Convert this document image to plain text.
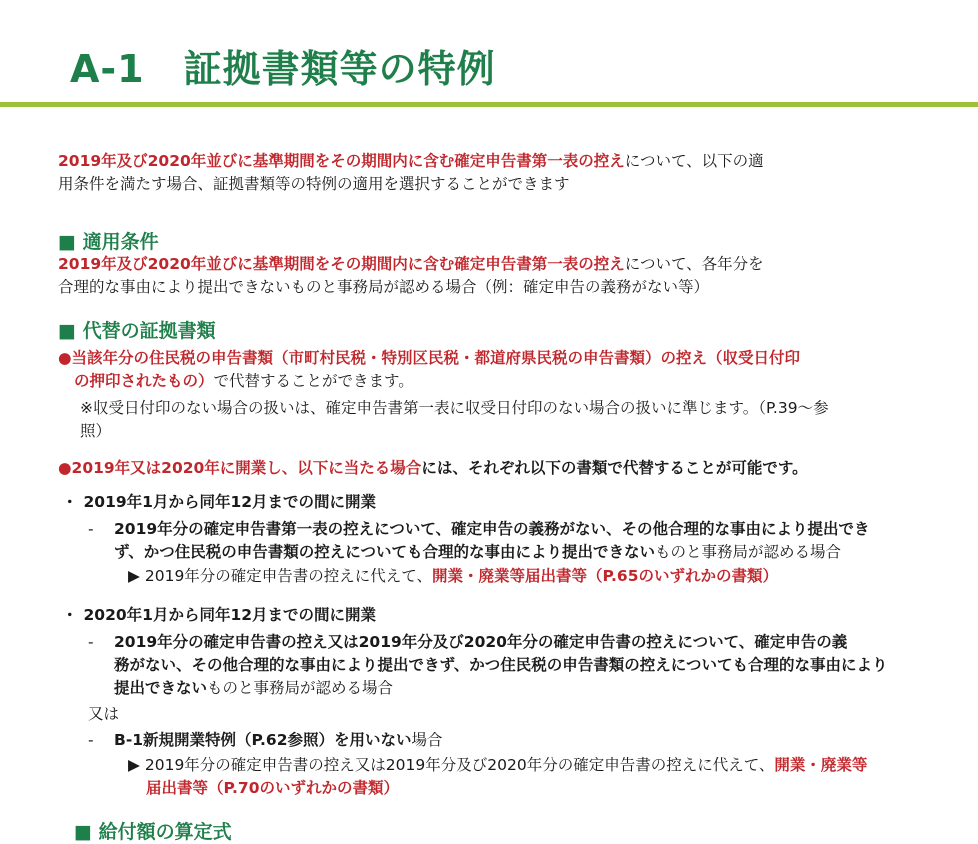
A-1　証拠書類等の特例
2019年及び2020年並びに基準期間をその期間内に含む確定申告書第一表の控えについて、以下の適
用条件を満たす場合、証拠書類等の特例の適用を選択することができます
■ 適用条件
2019年及び2020年並びに基準期間をその期間内に含む確定申告書第一表の控えについて、各年分を
合理的な事由により提出できないものと事務局が認める場合（例：確定申告の義務がない等）
■ 代替の証拠書類
●当該年分の住民税の申告書類（市町村民税・特別区民税・都道府県民税の申告書類）の控え（収受日付印
の押印されたもの）で代替することができます。
※収受日付印のない場合の扱いは、確定申告書第一表に収受日付印のない場合の扱いに準じます。（P.39～参
照）
●2019年又は2020年に開業し、以下に当たる場合には、それぞれ以下の書類で代替することが可能です。
・ 2019年1月から同年12月までの間に開業
- 2019年分の確定申告書第一表の控えについて、確定申告の義務がない、その他合理的な事由により提出でき
ず、かつ住民税の申告書類の控えについても合理的な事由により提出できないものと事務局が認める場合
▶ 2019年分の確定申告書の控えに代えて、開業・廃業等届出書等（P.65のいずれかの書類）
・ 2020年1月から同年12月までの間に開業
- 2019年分の確定申告書の控え又は2019年分及び2020年分の確定申告書の控えについて、確定申告の義
務がない、その他合理的な事由により提出できず、かつ住民税の申告書類の控えについても合理的な事由により
提出できないものと事務局が認める場合
又は
- B-1新規開業特例（P.62参照）を用いない場合
▶ 2019年分の確定申告書の控え又は2019年分及び2020年分の確定申告書の控えに代えて、開業・廃業等
届出書等（P.70のいずれかの書類）
■ 給付額の算定式
